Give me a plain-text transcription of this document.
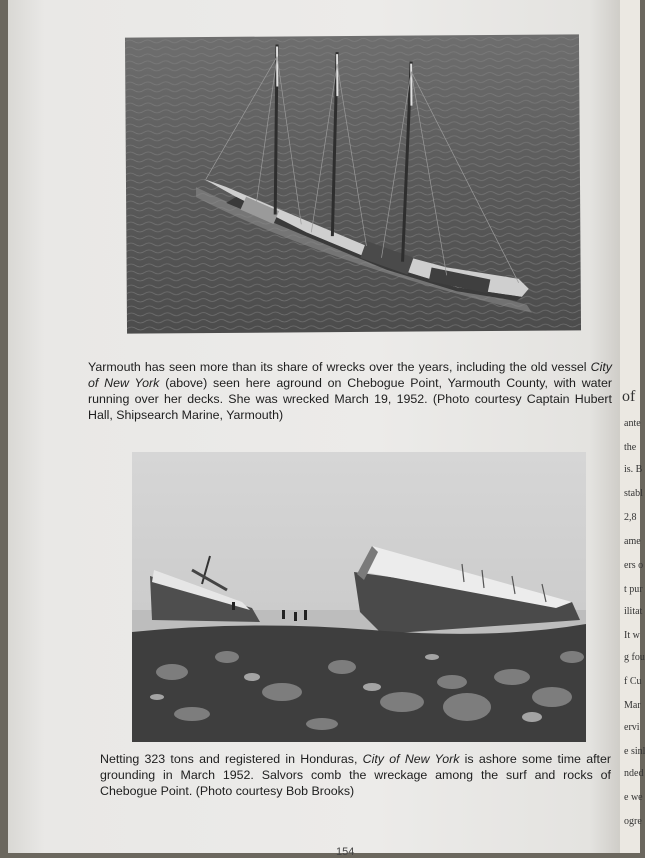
Yarmouth has seen more than its share of wrecks over the years, including the old vessel City of New York (above) seen here aground on Chebogue Point, Yarmouth County, with water running over her decks. She was wrecked March 19, 1952. (Photo courtesy Captain Hubert Hall, Shipsearch Marine, Yarmouth)
Netting 323 tons and registered in Honduras, City of New York is ashore some time after grounding in March 1952. Salvors comb the wreckage among the surf and rocks of Chebogue Point. (Photo courtesy Bob Brooks)
154
of
ante
the
is. B
stabl
2,8
ame
ers o
t pur
ilitat
It w
g fou
f Cu
Mar
ervi
e sinl
nded
e we
ogre
